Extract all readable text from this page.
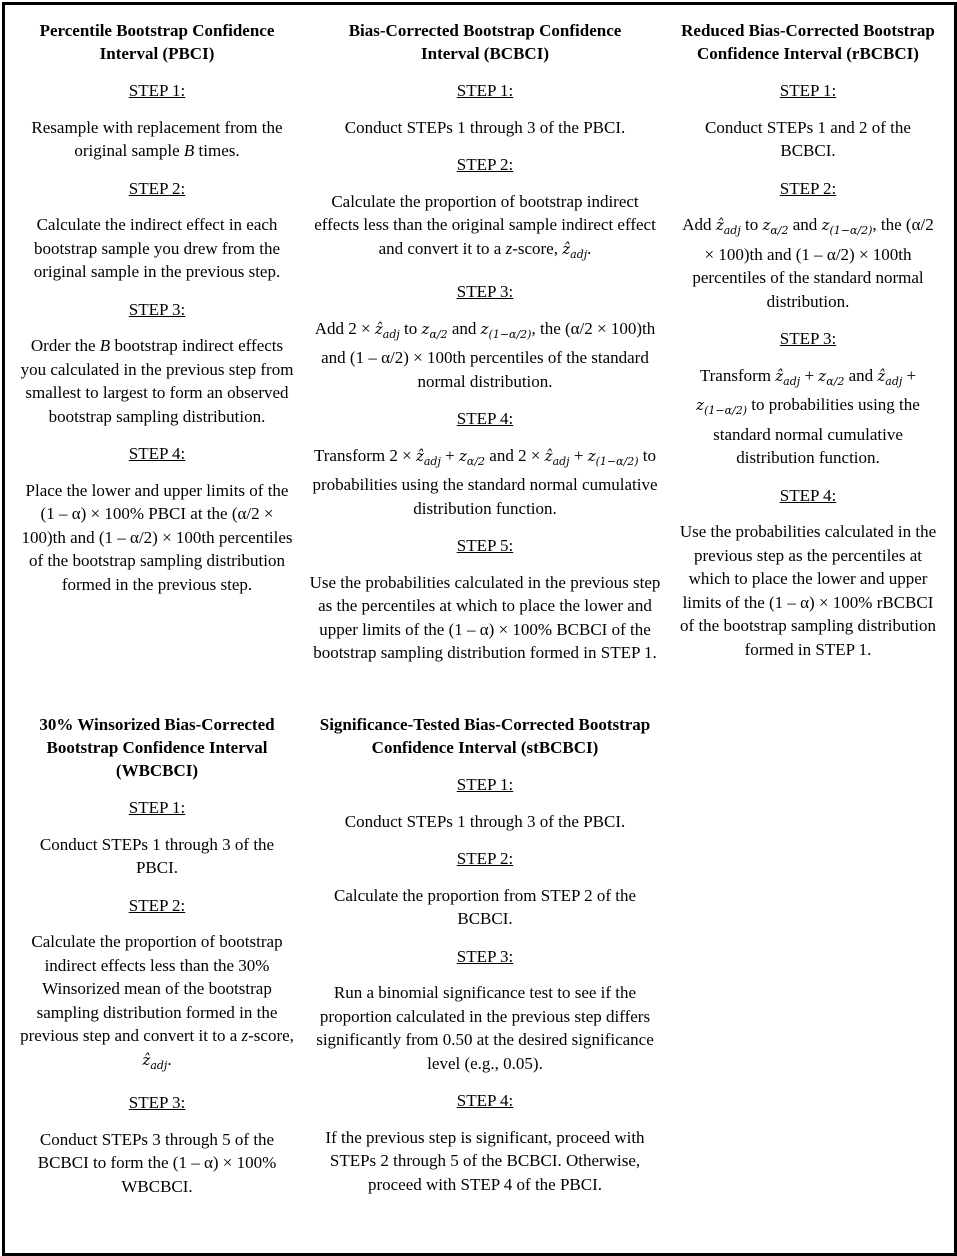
Percentile Bootstrap Confidence Interval (PBCI)
STEP 1:
Resample with replacement from the original sample B times.
STEP 2:
Calculate the indirect effect in each bootstrap sample you drew from the original sample in the previous step.
STEP 3:
Order the B bootstrap indirect effects you calculated in the previous step from smallest to largest to form an observed bootstrap sampling distribution.
STEP 4:
Place the lower and upper limits of the (1 – α) × 100% PBCI at the (α/2 × 100)th and (1 – α/2) × 100th percentiles of the bootstrap sampling distribution formed in the previous step.
Bias-Corrected Bootstrap Confidence Interval (BCBCI)
STEP 1:
Conduct STEPs 1 through 3 of the PBCI.
STEP 2:
Calculate the proportion of bootstrap indirect effects less than the original sample indirect effect and convert it to a z-score, ẑ$_{adj}$.
STEP 3:
Add 2 × ẑ$_{adj}$ to $z_{\alpha/2}$ and $z_{(1-\alpha/2)}$, the (α/2 × 100)th and (1 – α/2) × 100th percentiles of the standard normal distribution.
STEP 4:
Transform 2 × ẑ$_{adj}$ + $z_{\alpha/2}$ and 2 × ẑ$_{adj}$ + $z_{(1-\alpha/2)}$ to probabilities using the standard normal cumulative distribution function.
STEP 5:
Use the probabilities calculated in the previous step as the percentiles at which to place the lower and upper limits of the (1 – α) × 100% BCBCI of the bootstrap sampling distribution formed in STEP 1.
Reduced Bias-Corrected Bootstrap Confidence Interval (rBCBCI)
STEP 1:
Conduct STEPs 1 and 2 of the BCBCI.
STEP 2:
Add ẑ$_{adj}$ to $z_{\alpha/2}$ and $z_{(1-\alpha/2)}$, the (α/2 × 100)th and (1 – α/2) × 100th percentiles of the standard normal distribution.
STEP 3:
Transform ẑ$_{adj}$ + $z_{\alpha/2}$ and ẑ$_{adj}$ + $z_{(1-\alpha/2)}$ to probabilities using the standard normal cumulative distribution function.
STEP 4:
Use the probabilities calculated in the previous step as the percentiles at which to place the lower and upper limits of the (1 – α) × 100% rBCBCI of the bootstrap sampling distribution formed in STEP 1.
30% Winsorized Bias-Corrected Bootstrap Confidence Interval (WBCBCI)
STEP 1:
Conduct STEPs 1 through 3 of the PBCI.
STEP 2:
Calculate the proportion of bootstrap indirect effects less than the 30% Winsorized mean of the bootstrap sampling distribution formed in the previous step and convert it to a z-score, ẑ$_{adj}$.
STEP 3:
Conduct STEPs 3 through 5 of the BCBCI to form the (1 – α) × 100% WBCBCI.
Significance-Tested Bias-Corrected Bootstrap Confidence Interval (stBCBCI)
STEP 1:
Conduct STEPs 1 through 3 of the PBCI.
STEP 2:
Calculate the proportion from STEP 2 of the BCBCI.
STEP 3:
Run a binomial significance test to see if the proportion calculated in the previous step differs significantly from 0.50 at the desired significance level (e.g., 0.05).
STEP 4:
If the previous step is significant, proceed with STEPs 2 through 5 of the BCBCI. Otherwise, proceed with STEP 4 of the PBCI.
